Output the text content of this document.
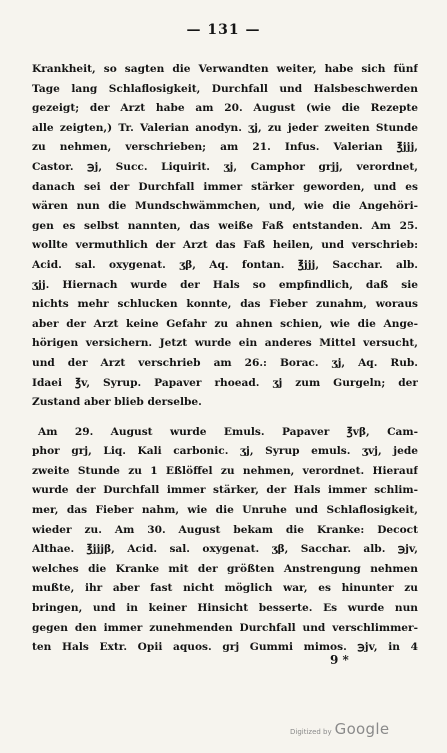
— 131 —
Krankheit, so sagten die Verwandten weiter, habe sich fünf
Tage lang Schlaflosigkeit, Durchfall und Halsbeschwerden
gezeigt; der Arzt habe am 20. August (wie die Rezepte
alle zeigten,) Tr. Valerian anodyn. ʒj, zu jeder zweiten Stunde
zu nehmen, verschrieben; am 21. Infus. Valerian ℥jjj,
Castor. ℈j, Succ. Liquirit. ʒj, Camphor grjj, verordnet,
danach sei der Durchfall immer stärker geworden, und es
wären nun die Mundschwämmchen, und, wie die Angehöri-
gen es selbst nannten, das weiße Faß entstanden. Am 25.
wollte vermuthlich der Arzt das Faß heilen, und verschrieb:
Acid. sal. oxygenat. ʒβ, Aq. fontan. ℥jjj, Sacchar. alb.
ʒjj. Hiernach wurde der Hals so empfindlich, daß sie
nichts mehr schlucken konnte, das Fieber zunahm, woraus
aber der Arzt keine Gefahr zu ahnen schien, wie die Ange-
hörigen versichern. Jetzt wurde ein anderes Mittel versucht,
und der Arzt verschrieb am 26.: Borac. ʒj, Aq. Rub.
Idaei ℥v, Syrup. Papaver rhoead. ʒj zum Gurgeln; der
Zustand aber blieb derselbe.
Am 29. August wurde Emuls. Papaver ℥vβ, Cam-
phor grj, Liq. Kali carbonic. ʒj, Syrup emuls. ʒvj, jede
zweite Stunde zu 1 Eßlöffel zu nehmen, verordnet. Hierauf
wurde der Durchfall immer stärker, der Hals immer schlim-
mer, das Fieber nahm, wie die Unruhe und Schlaflosigkeit,
wieder zu. Am 30. August bekam die Kranke: Decoct
Althae. ℥jjjβ, Acid. sal. oxygenat. ʒβ, Sacchar. alb. ℈jv,
welches die Kranke mit der größten Anstrengung nehmen
mußte, ihr aber fast nicht möglich war, es hinunter zu
bringen, und in keiner Hinsicht besserte. Es wurde nun
gegen den immer zunehmenden Durchfall und verschlimmer-
ten Hals Extr. Opii aquos. grj Gummi mimos. ℈jv, in 4
9 *
Digitized by Google
